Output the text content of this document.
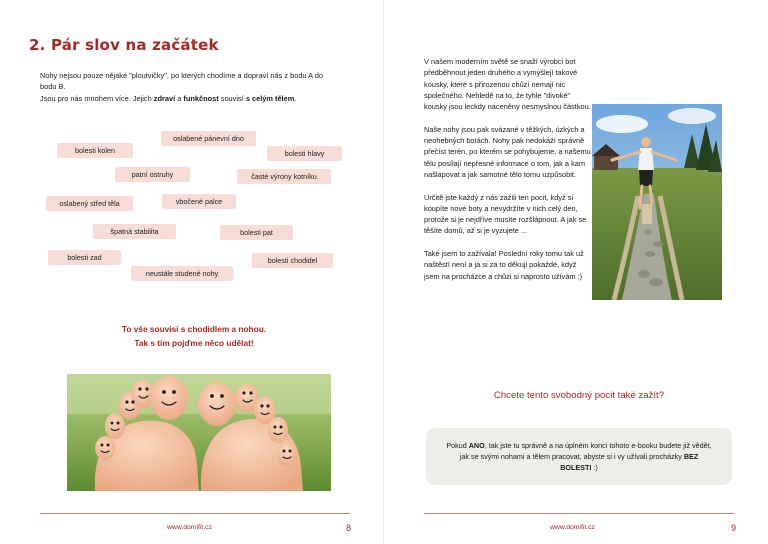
2. Pár slov na začátek
Nohy nejsou pouze nějaké "ploutvičky", po kterých chodíme a dopraví nás z bodu A do bodu B.
Jsou pro nás mnohem více. Jejich zdraví a funkčnost souvisí s celým tělem.
oslabené pánevní dno
bolesti kolen	bolesti hlavy
patní ostruhy	časté výrony kotníku
oslabený střed těla	vbočené palce
špatná stabilita	bolesti pat
bolesti zad	bolesti chodidel
neustále studené nohy
To vše souvisí s chodidlem a nohou.
Tak s tím pojďme něco udělat!
www.domifit.cz	8

V našem moderním světě se snaží výrobci bot předběhnout jeden druhého a vymýšlejí takové kousky, které s přirozenou chůzí nemají nic společného. Nehledě na to, že tyhle "divoké" kousky jsou leckdy naceněny nesmyslnou částkou.

Naše nohy jsou pak svázané v těžkých, úzkých a neohebných botách. Nohy pak nedokáží správně přečíst terén, po kterém se pohybujeme, a našemu tělu posílají nepřesné informace o tom, jak a kam našlapovat a jak samotné tělo tomu uzpůsobit.

Určitě jste každý z nás zažili ten pocit, když si koupíte nové boty a nevydržíte v nich celý den, protože si je nejdříve musíte rozšlápnout. A jak se těšíte domů, až si je vyzujete ...

Také jsem to zažívala! Poslední roky tomu tak už naštěstí není a já si za to děkuji pokaždé, když jsem na procházce a chůzi si naprosto užívám :)

Chcete tento svobodný pocit také zažít?
Pokud ANO, tak jste tu správně a na úplném konci tohoto e-booku budete již vědět, jak se svými nohami a tělem pracovat, abyste si i vy užívali procházky BEZ BOLESTI :)
www.domifit.cz	9
